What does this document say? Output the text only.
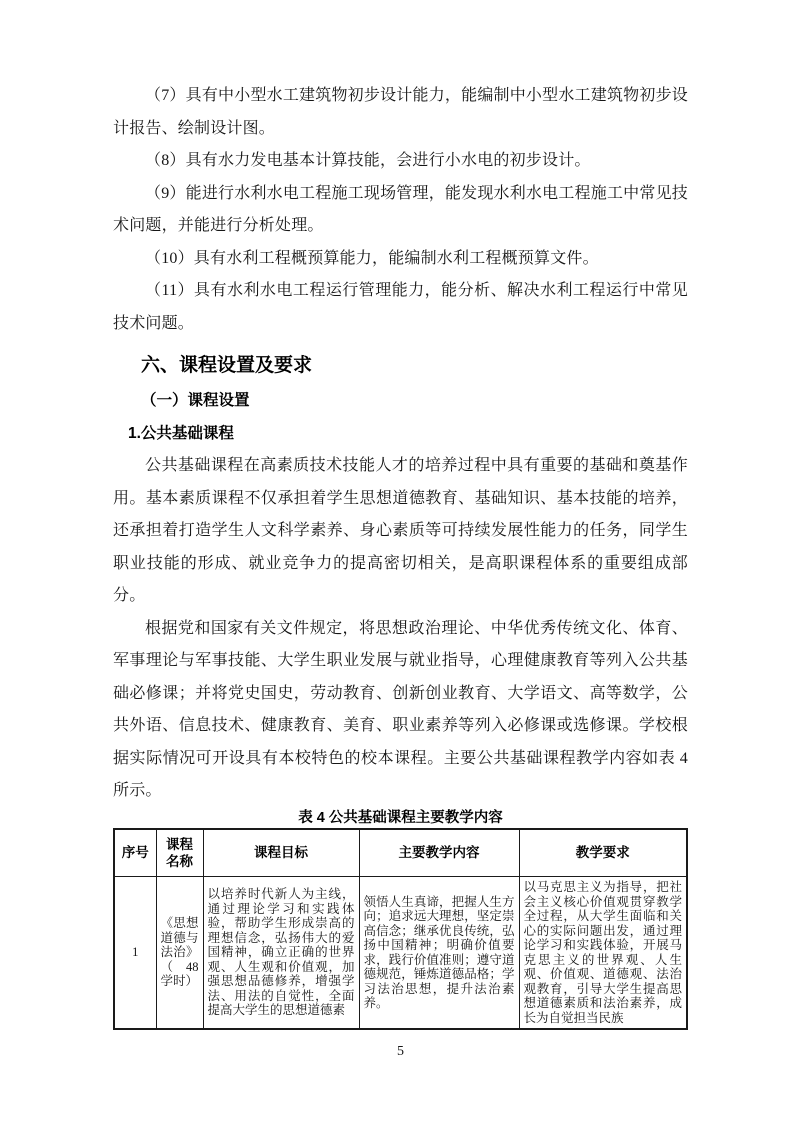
（7）具有中小型水工建筑物初步设计能力，能编制中小型水工建筑物初步设计报告、绘制设计图。

（8）具有水力发电基本计算技能，会进行小水电的初步设计。

（9）能进行水利水电工程施工现场管理，能发现水利水电工程施工中常见技术问题，并能进行分析处理。

（10）具有水利工程概预算能力，能编制水利工程概预算文件。

（11）具有水利水电工程运行管理能力，能分析、解决水利工程运行中常见技术问题。

六、课程设置及要求
（一）课程设置
1.公共基础课程

公共基础课程在高素质技术技能人才的培养过程中具有重要的基础和奠基作用。基本素质课程不仅承担着学生思想道德教育、基础知识、基本技能的培养，还承担着打造学生人文科学素养、身心素质等可持续发展性能力的任务，同学生职业技能的形成、就业竞争力的提高密切相关，是高职课程体系的重要组成部分。

根据党和国家有关文件规定，将思想政治理论、中华优秀传统文化、体育、军事理论与军事技能、大学生职业发展与就业指导，心理健康教育等列入公共基础必修课；并将党史国史，劳动教育、创新创业教育、大学语文、高等数学，公共外语、信息技术、健康教育、美育、职业素养等列入必修课或选修课。学校根据实际情况可开设具有本校特色的校本课程。主要公共基础课程教学内容如表 4 所示。

表 4 公共基础课程主要教学内容
序号	课程名称	课程目标	主要教学内容	教学要求
1	《思想道德与法治》（48 学时）	以培养时代新人为主线，通过理论学习和实践体验，帮助学生形成崇高的理想信念，弘扬伟大的爱国精神，确立正确的世界观、人生观和价值观，加强思想品德修养，增强学法、用法的自觉性，全面提高大学生的思想道德素	领悟人生真谛，把握人生方向；追求远大理想，坚定崇高信念；继承优良传统，弘扬中国精神；明确价值要求，践行价值准则；遵守道德规范，锤炼道德品格；学习法治思想，提升法治素养。	以马克思主义为指导，把社会主义核心价值观贯穿教学全过程，从大学生面临和关心的实际问题出发，通过理论学习和实践体验，开展马克思主义的世界观、人生观、价值观、道德观、法治观教育，引导大学生提高思想道德素质和法治素养，成长为自觉担当民族
5
